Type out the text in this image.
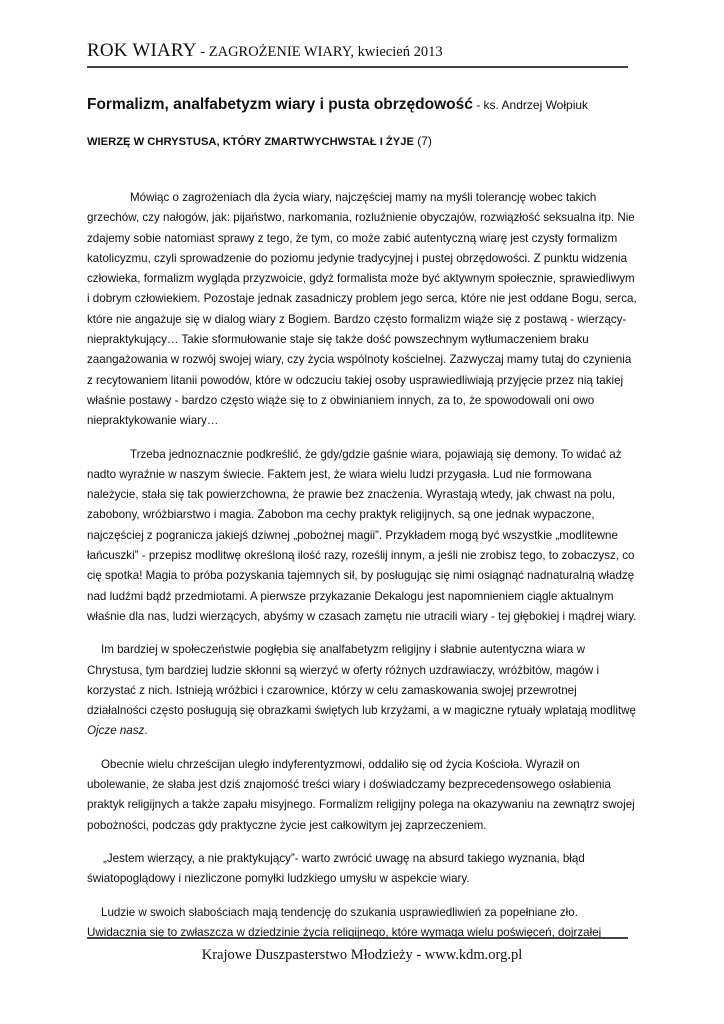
ROK WIARY - ZAGROŻENIE WIARY, kwiecień 2013
Formalizm, analfabetyzm wiary i pusta obrzędowość - ks. Andrzej Wołpiuk
WIERZĘ W CHRYSTUSA, KTÓRY ZMARTWYCHWSTAŁ I ŻYJE (7)

Mówiąc o zagrożeniach dla życia wiary, najczęściej mamy na myśli tolerancję wobec takich grzechów, czy nałogów, jak: pijaństwo, narkomania, rozluźnienie obyczajów, rozwiązłość seksualna itp. Nie zdajemy sobie natomiast sprawy z tego, że tym, co może zabić autentyczną wiarę jest czysty formalizm katolicyzmu, czyli sprowadzenie do poziomu jedynie tradycyjnej i pustej obrzędowości. Z punktu widzenia człowieka, formalizm wygląda przyzwoicie, gdyż formalista może być aktywnym społecznie, sprawiedliwym i dobrym człowiekiem. Pozostaje jednak zasadniczy problem jego serca, które nie jest oddane Bogu, serca, które nie angażuje się w dialog wiary z Bogiem. Bardzo często formalizm wiąże się z postawą - wierzący-niepraktykujący… Takie sformułowanie staje się także dość powszechnym wytłumaczeniem braku zaangażowania w rozwój swojej wiary, czy życia wspólnoty kościelnej. Zazwyczaj mamy tutaj do czynienia z recytowaniem litanii powodów, które w odczuciu takiej osoby usprawiedliwiają przyjęcie przez nią takiej właśnie postawy - bardzo często wiąże się to z obwinianiem innych, za to, że spowodowali oni owo niepraktykowanie wiary…

Trzeba jednoznacznie podkreślić, że gdy/gdzie gaśnie wiara, pojawiają się demony. To widać aż nadto wyraźnie w naszym świecie. Faktem jest, że wiara wielu ludzi przygasła. Lud nie formowana należycie, stała się tak powierzchowna, że prawie bez znaczenia. Wyrastają wtedy, jak chwast na polu, zabobony, wróżbiarstwo i magia. Zabobon ma cechy praktyk religijnych, są one jednak wypaczone, najczęściej z pogranicza jakiejś dziwnej „pobożnej magii”. Przykładem mogą być wszystkie „modlitewne łańcuszki” - przepisz modlitwę określoną ilość razy, roześlij innym, a jeśli nie zrobisz tego, to zobaczysz, co cię spotka! Magia to próba pozyskania tajemnych sił, by posługując się nimi osiągnąć nadnaturalną władzę nad ludźmi bądź przedmiotami. A pierwsze przykazanie Dekalogu jest napomnieniem ciągle aktualnym właśnie dla nas, ludzi wierzących, abyśmy w czasach zamętu nie utracili wiary - tej głębokiej i mądrej wiary.

Im bardziej w społeczeństwie pogłębia się analfabetyzm religijny i słabnie autentyczna wiara w Chrystusa, tym bardziej ludzie skłonni są wierzyć w oferty różnych uzdrawiaczy, wróżbitów, magów i korzystać z nich. Istnieją wróżbici i czarownice, którzy w celu zamaskowania swojej przewrotnej działalności często posługują się obrazkami świętych lub krzyżami, a w magiczne rytuały wplatają modlitwę Ojcze nasz.

Obecnie wielu chrześcijan uległo indyferentyzmowi, oddaliło się od życia Kościoła. Wyraził on ubolewanie, że słaba jest dziś znajomość treści wiary i doświadczamy bezprecedensowego osłabienia praktyk religijnych a także zapału misyjnego. Formalizm religijny polega na okazywaniu na zewnątrz swojej pobożności, podczas gdy praktyczne życie jest całkowitym jej zaprzeczeniem.

„Jestem wierzący, a nie praktykujący”- warto zwrócić uwagę na absurd takiego wyznania, błąd światopoglądowy i niezliczone pomyłki ludzkiego umysłu w aspekcie wiary.

Ludzie w swoich słabościach mają tendencję do szukania usprawiedliwień za popełniane zło. Uwidacznia się to zwłaszcza w dziedzinie życia religijnego, które wymaga wielu poświęceń, dojrzałej

Krajowe Duszpasterstwo Młodzieży - www.kdm.org.pl
